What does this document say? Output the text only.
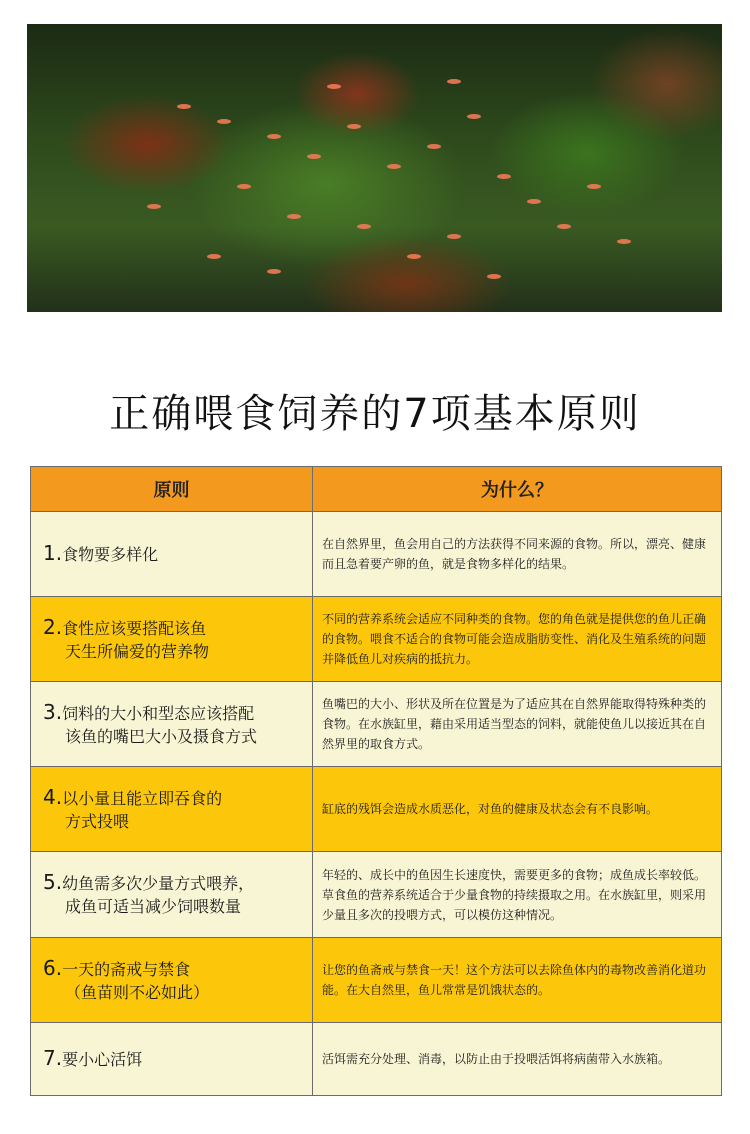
正确喂食饲养的7项基本原则
原则	为什么？
1.食物要多样化	在自然界里，鱼会用自己的方法获得不同来源的食物。所以，漂亮、健康而且急着要产卵的鱼，就是食物多样化的结果。
2.食性应该要搭配该鱼
天生所偏爱的营养物	不同的营养系统会适应不同种类的食物。您的角色就是提供您的鱼儿正确的食物。喂食不适合的食物可能会造成脂肪变性、消化及生殖系统的问题并降低鱼儿对疾病的抵抗力。
3.饲料的大小和型态应该搭配
该鱼的嘴巴大小及摄食方式	鱼嘴巴的大小、形状及所在位置是为了适应其在自然界能取得特殊种类的食物。在水族缸里，藉由采用适当型态的饲料，就能使鱼儿以接近其在自然界里的取食方式。
4.以小量且能立即吞食的
方式投喂	缸底的残饵会造成水质恶化，对鱼的健康及状态会有不良影响。
5.幼鱼需多次少量方式喂养，
成鱼可适当减少饲喂数量	年轻的、成长中的鱼因生长速度快，需要更多的食物；成鱼成长率较低。草食鱼的营养系统适合于少量食物的持续摄取之用。在水族缸里，则采用少量且多次的投喂方式，可以模仿这种情况。
6.一天的斋戒与禁食
（鱼苗则不必如此）	让您的鱼斋戒与禁食一天！这个方法可以去除鱼体内的毒物改善消化道功能。在大自然里，鱼儿常常是饥饿状态的。
7.要小心活饵	活饵需充分处理、消毒，以防止由于投喂活饵将病菌带入水族箱。
